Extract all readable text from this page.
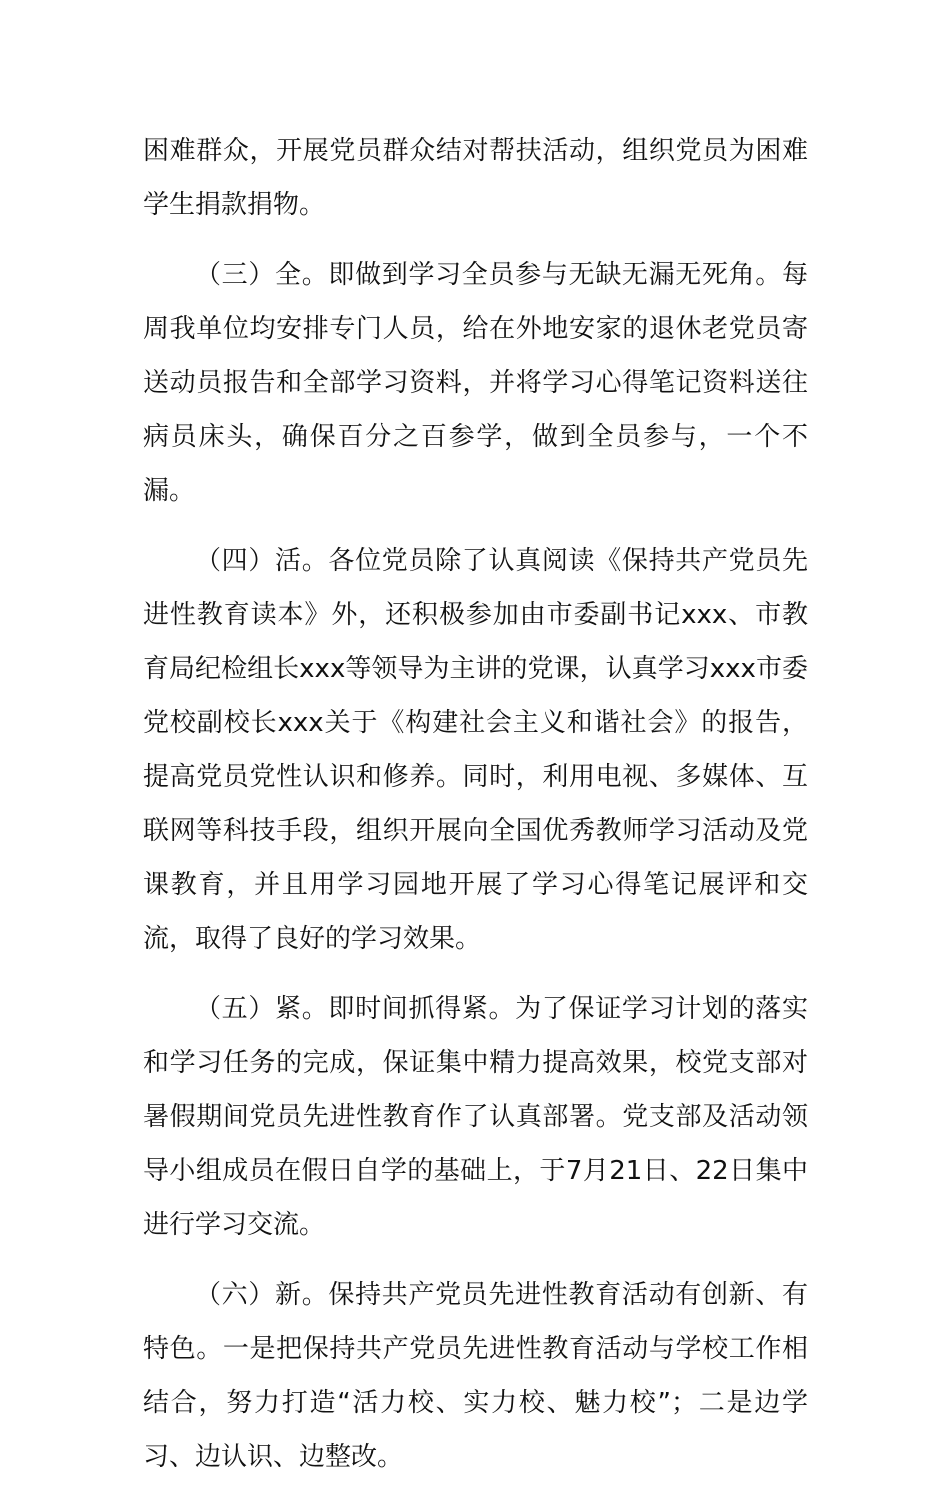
困难群众，开展党员群众结对帮扶活动，组织党员为困难学生捐款捐物。

（三）全。即做到学习全员参与无缺无漏无死角。每周我单位均安排专门人员，给在外地安家的退休老党员寄送动员报告和全部学习资料，并将学习心得笔记资料送往病员床头，确保百分之百参学，做到全员参与，一个不漏。

（四）活。各位党员除了认真阅读《保持共产党员先进性教育读本》外，还积极参加由市委副书记xxx、市教育局纪检组长xxx等领导为主讲的党课，认真学习xxx市委党校副校长xxx关于《构建社会主义和谐社会》的报告，提高党员党性认识和修养。同时，利用电视、多媒体、互联网等科技手段，组织开展向全国优秀教师学习活动及党课教育，并且用学习园地开展了学习心得笔记展评和交流，取得了良好的学习效果。

（五）紧。即时间抓得紧。为了保证学习计划的落实和学习任务的完成，保证集中精力提高效果，校党支部对暑假期间党员先进性教育作了认真部署。党支部及活动领导小组成员在假日自学的基础上，于7月21日、22日集中进行学习交流。

（六）新。保持共产党员先进性教育活动有创新、有特色。一是把保持共产党员先进性教育活动与学校工作相结合，努力打造“活力校、实力校、魅力校”；二是边学习、边认识、边整改。
